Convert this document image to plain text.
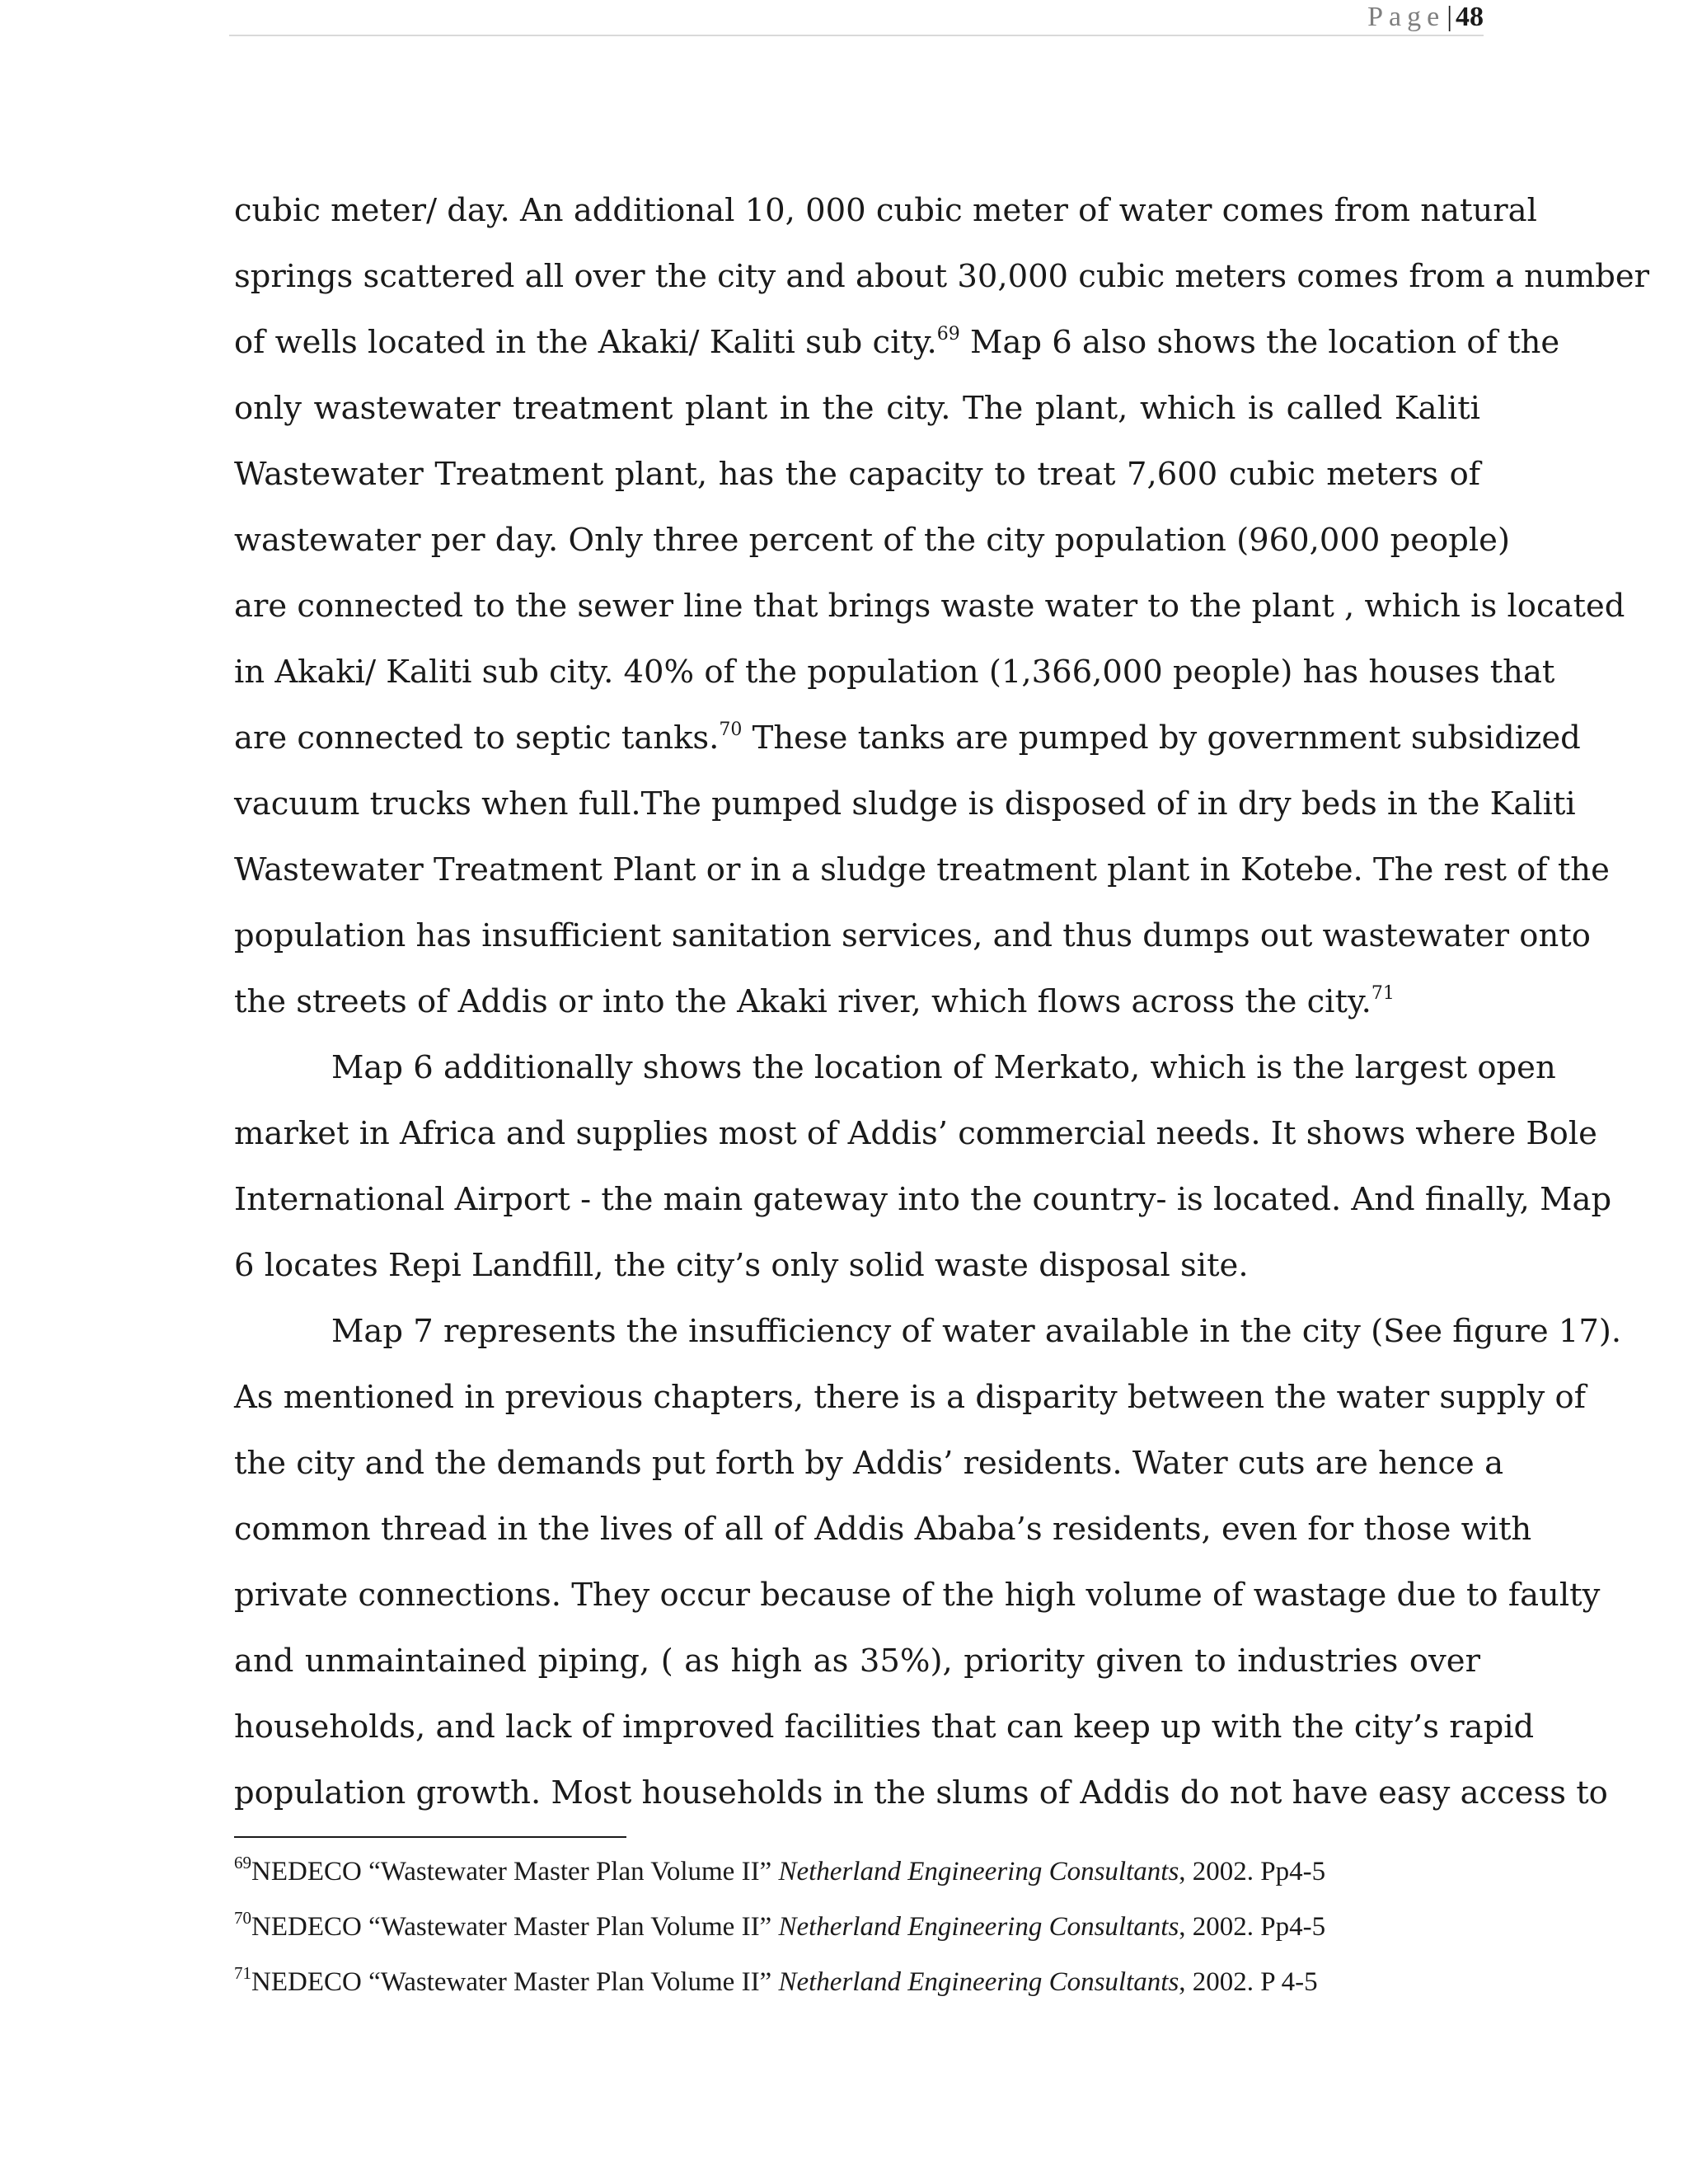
Page| 48
cubic meter/ day. An additional 10, 000 cubic meter of water comes from natural
springs scattered all over the city and about 30,000 cubic meters comes from a number
of wells located in the Akaki/ Kaliti sub city.$^{69}$ Map 6 also shows the location of the
only wastewater treatment plant in the city. The plant, which is called Kaliti
Wastewater Treatment plant, has the capacity to treat 7,600 cubic meters of
wastewater per day. Only three percent of the city population (960,000 people)
are connected to the sewer line that brings waste water to the plant , which is located
in Akaki/ Kaliti sub city. 40% of the population (1,366,000 people) has houses that
are connected to septic tanks.$^{70}$ These tanks are pumped by government subsidized
vacuum trucks when full.The pumped sludge is disposed of in dry beds in the Kaliti
Wastewater Treatment Plant or in a sludge treatment plant in Kotebe. The rest of the
population has insufficient sanitation services, and thus dumps out wastewater onto
the streets of Addis or into the Akaki river, which flows across the city.$^{71}$
Map 6 additionally shows the location of Merkato, which is the largest open
market in Africa and supplies most of Addis’ commercial needs. It shows where Bole
International Airport - the main gateway into the country- is located. And finally, Map
6 locates Repi Landfill, the city’s only solid waste disposal site.
Map 7 represents the insufficiency of water available in the city (See figure 17).
As mentioned in previous chapters, there is a disparity between the water supply of
the city and the demands put forth by Addis’ residents. Water cuts are hence a
common thread in the lives of all of Addis Ababa’s residents, even for those with
private connections. They occur because of the high volume of wastage due to faulty
and unmaintained piping, ( as high as 35%), priority given to industries over
households, and lack of improved facilities that can keep up with the city’s rapid
population growth. Most households in the slums of Addis do not have easy access to
$^{69}$NEDECO “Wastewater Master Plan Volume II” Netherland Engineering Consultants, 2002. Pp4-5
$^{70}$NEDECO “Wastewater Master Plan Volume II” Netherland Engineering Consultants, 2002. Pp4-5
$^{71}$NEDECO “Wastewater Master Plan Volume II” Netherland Engineering Consultants, 2002. P 4-5
